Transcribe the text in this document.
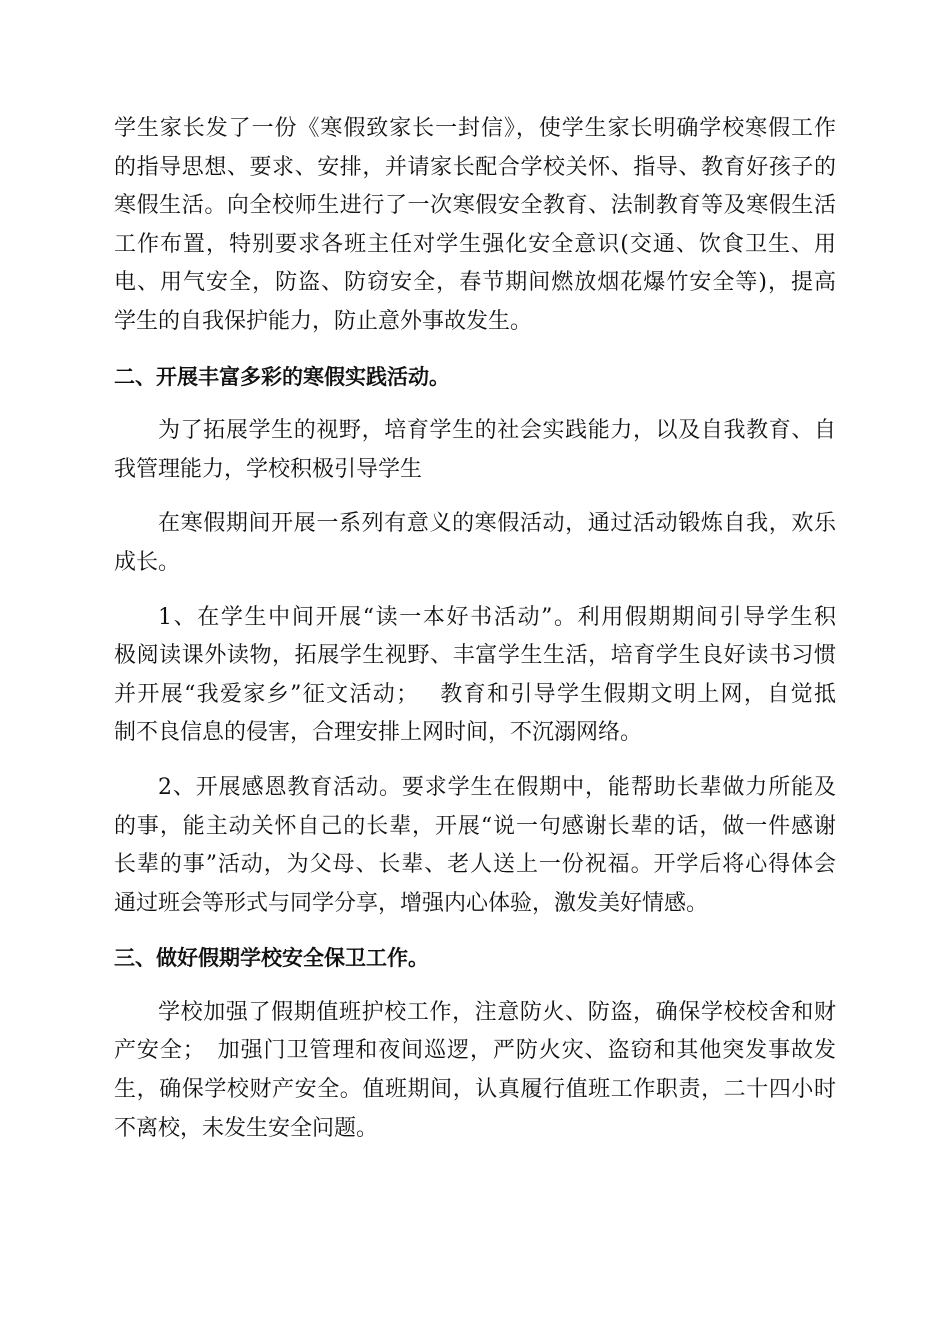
学生家长发了一份《寒假致家长一封信》，使学生家长明确学校寒假工作
的指导思想、要求、安排，并请家长配合学校关怀、指导、教育好孩子的
寒假生活。向全校师生进行了一次寒假安全教育、法制教育等及寒假生活
工作布置，特别要求各班主任对学生强化安全意识(交通、饮食卫生、用
电、用气安全，防盗、防窃安全，春节期间燃放烟花爆竹安全等)，提高
学生的自我保护能力，防止意外事故发生。

二、开展丰富多彩的寒假实践活动。

为了拓展学生的视野，培育学生的社会实践能力，以及自我教育、自
我管理能力，学校积极引导学生

在寒假期间开展一系列有意义的寒假活动，通过活动锻炼自我，欢乐
成长。

1、在学生中间开展“读一本好书活动”。利用假期期间引导学生积
极阅读课外读物，拓展学生视野、丰富学生生活，培育学生良好读书习惯
并开展“我爱家乡”征文活动；　 教育和引导学生假期文明上网，自觉抵
制不良信息的侵害，合理安排上网时间，不沉溺网络。

2、开展感恩教育活动。要求学生在假期中，能帮助长辈做力所能及
的事，能主动关怀自己的长辈，开展“说一句感谢长辈的话，做一件感谢
长辈的事”活动，为父母、长辈、老人送上一份祝福。开学后将心得体会
通过班会等形式与同学分享，增强内心体验，激发美好情感。

三、做好假期学校安全保卫工作。

学校加强了假期值班护校工作，注意防火、防盗，确保学校校舍和财
产安全；　加强门卫管理和夜间巡逻，严防火灾、盗窃和其他突发事故发
生，确保学校财产安全。值班期间，认真履行值班工作职责，二十四小时
不离校，未发生安全问题。
